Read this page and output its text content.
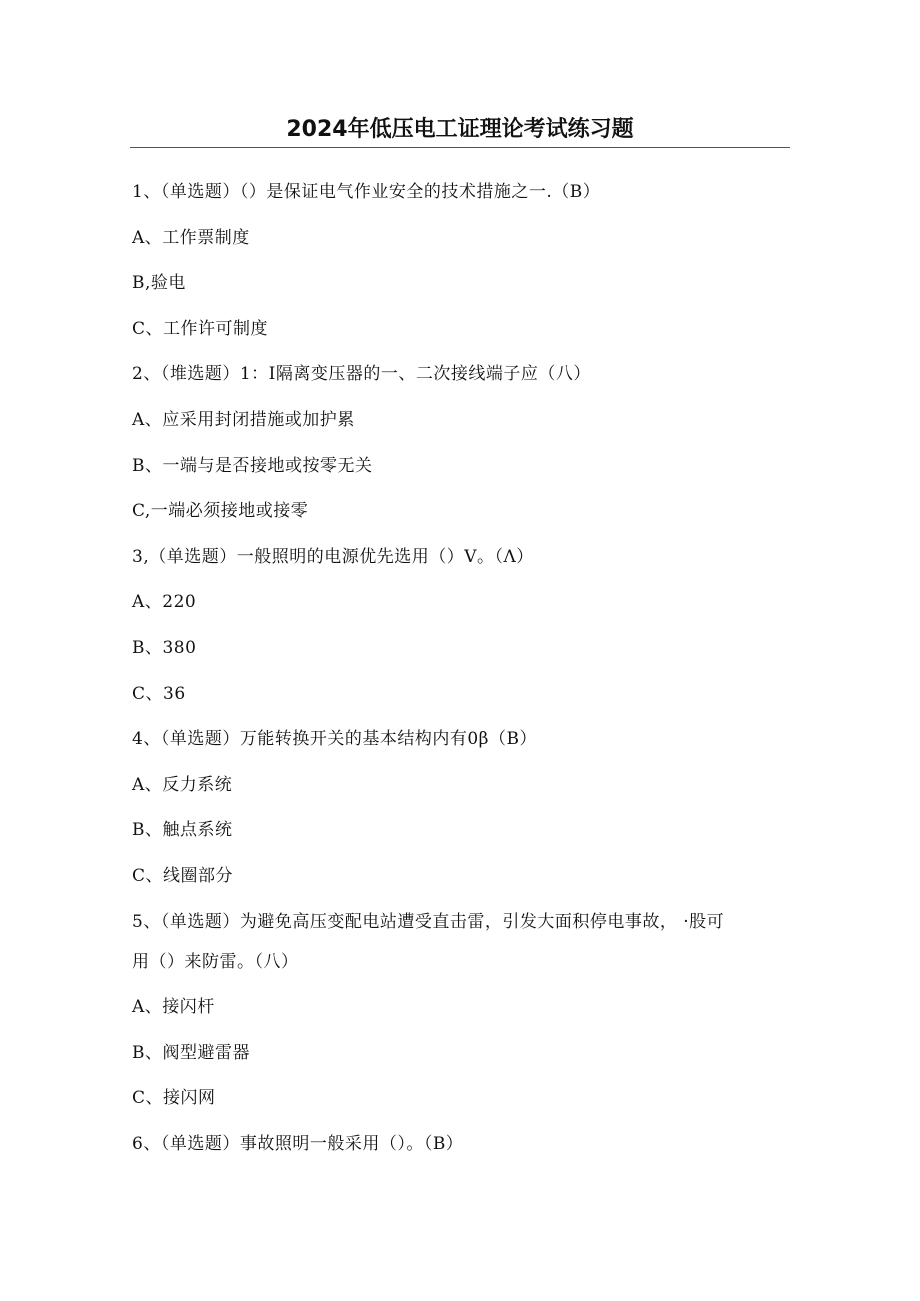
2024年低压电工证理论考试练习题
1、（单选题）（）是保证电气作业安全的技术措施之一.（B）
A、工作票制度
B,验电
C、工作许可制度
2、（堆选题）1：I隔离变压器的一、二次接线端子应（八）
A、应采用封闭措施或加护累
B、一端与是否接地或按零无关
C,一端必须接地或接零
3,（单选题）一般照明的电源优先选用（）V。（Λ）
A、220
B、380
C、36
4、（单选题）万能转换开关的基本结构内有0β（B）
A、反力系统
B、触点系统
C、线圈部分
5、（单选题）为避免高压变配电站遭受直击雷，引发大面积停电事故， ·股可
用（）来防雷。（八）
A、接闪杆
B、阀型避雷器
C、接闪网
6、（单选题）事故照明一般采用（）。（B）
